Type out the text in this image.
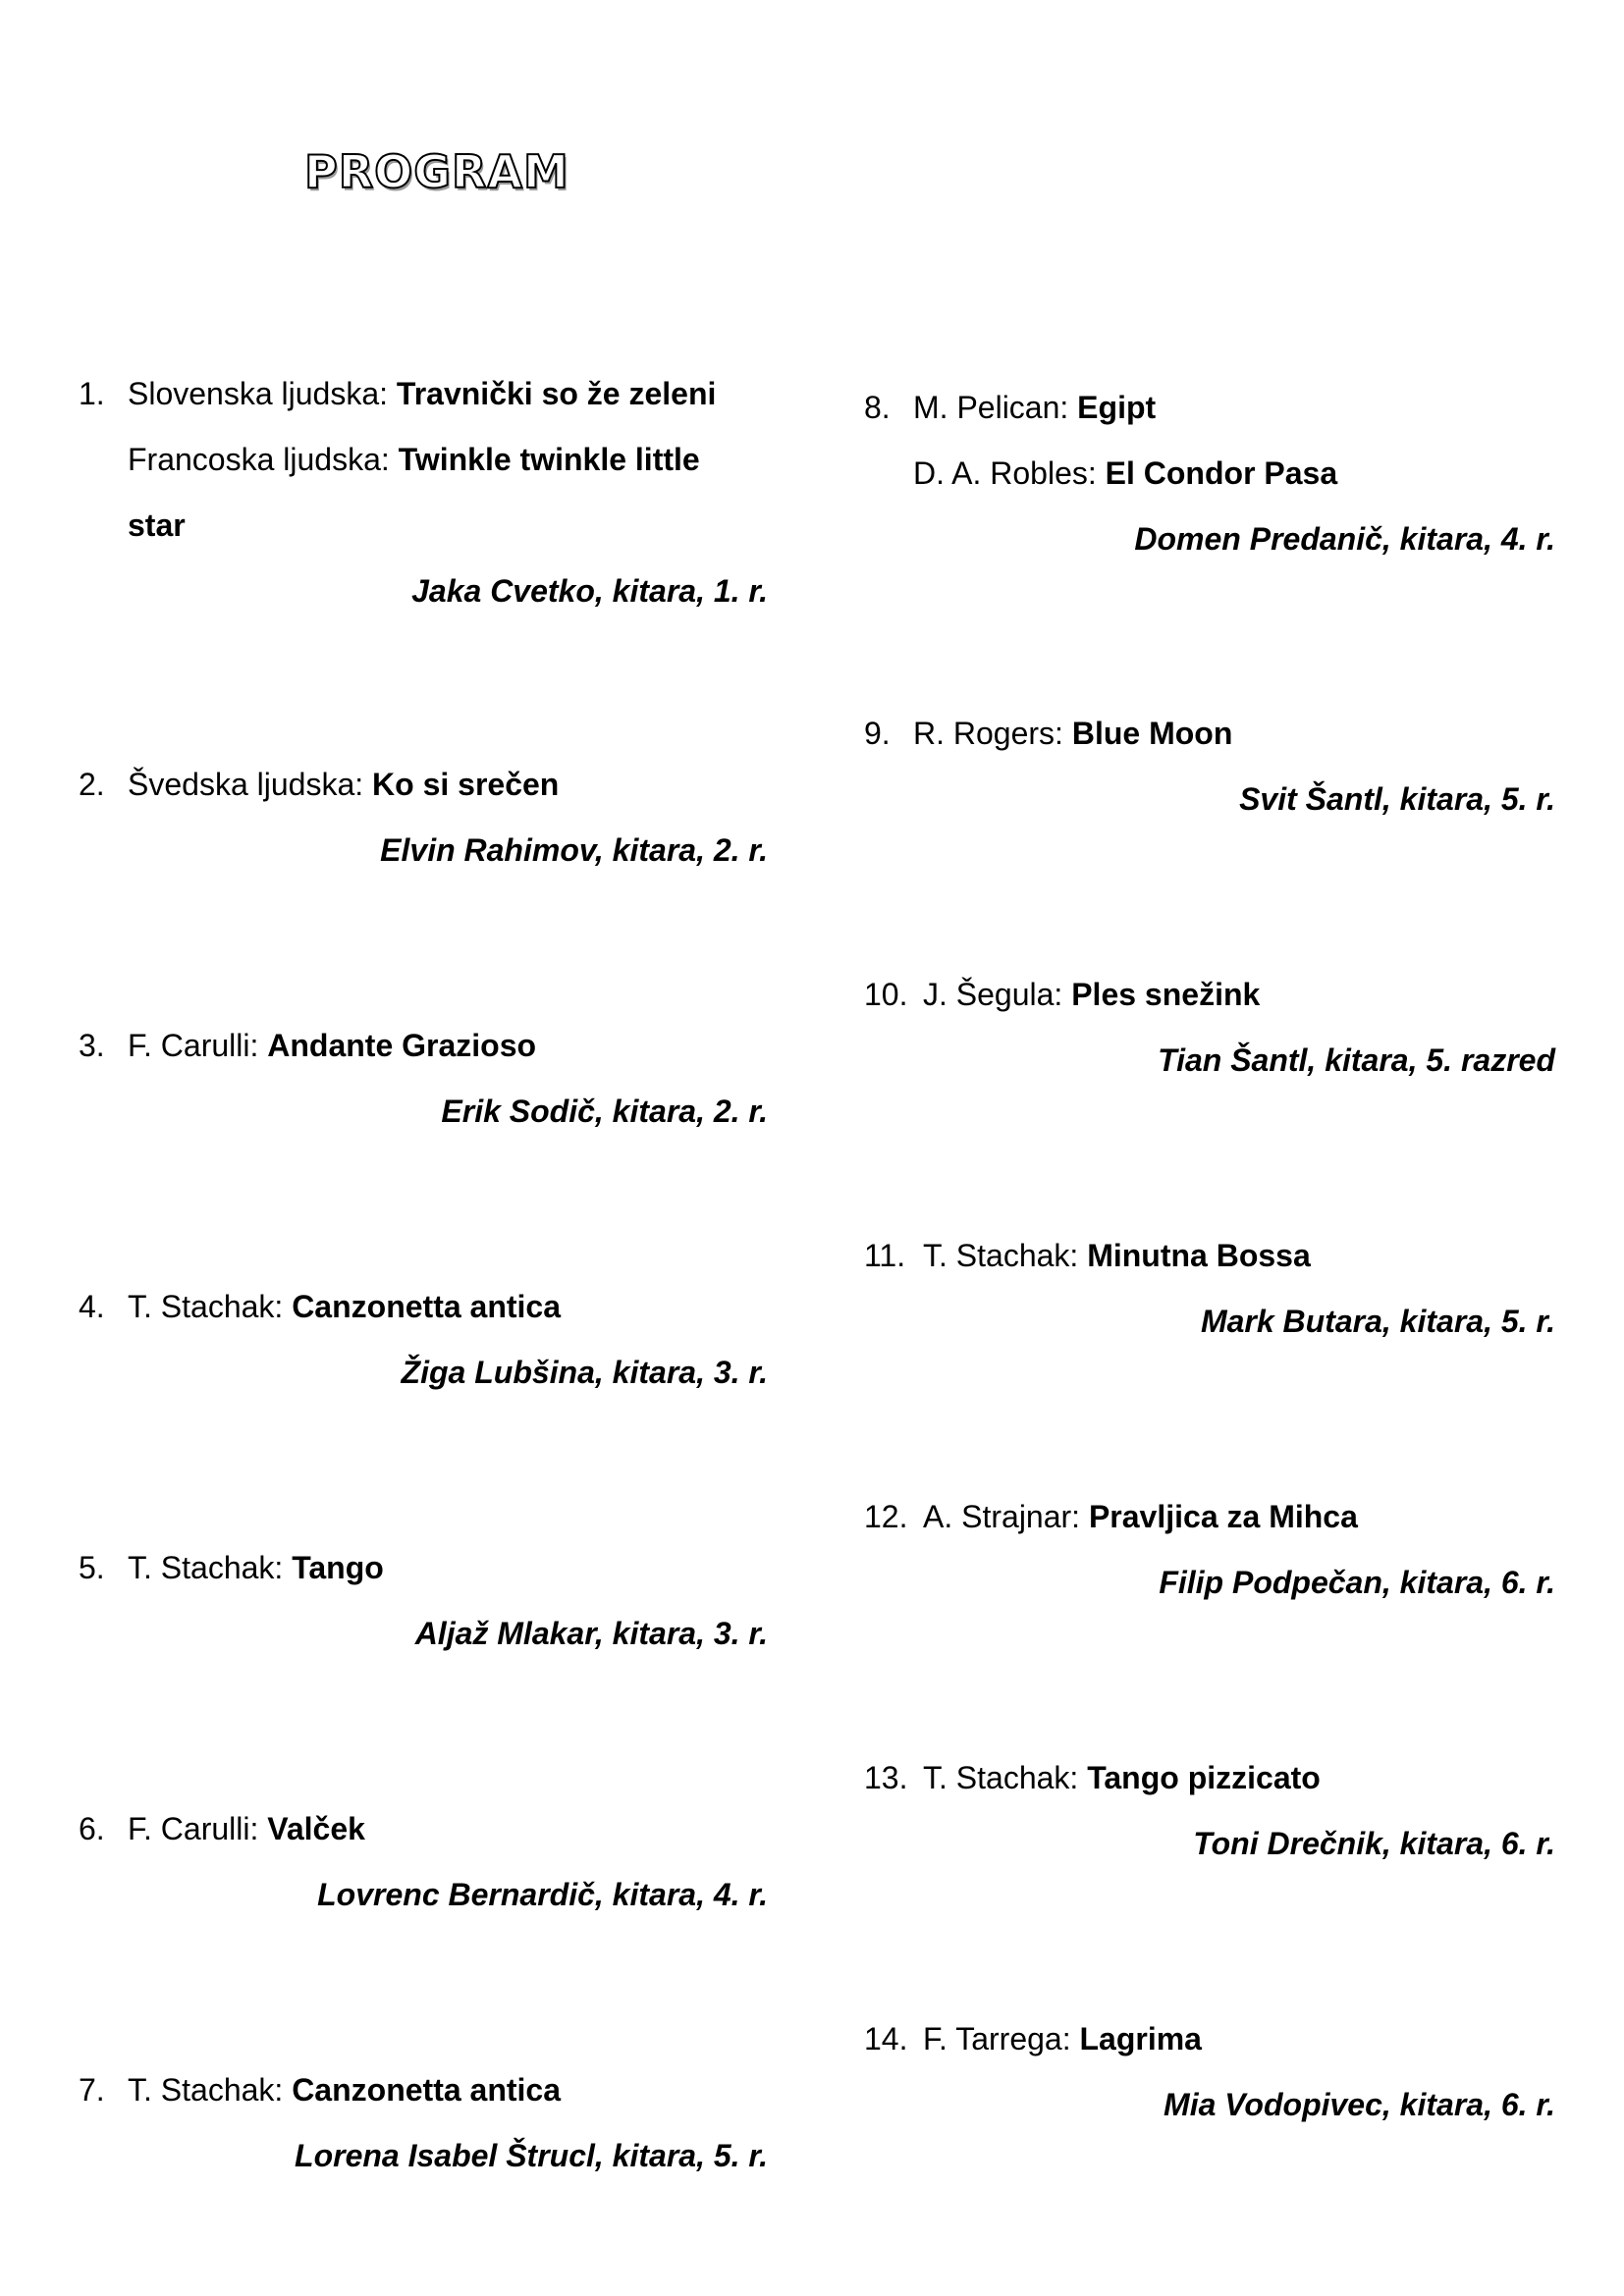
PROGRAM
1. Slovenska ljudska: Travnički so že zeleni
Francoska ljudska: Twinkle twinkle little
star
Jaka Cvetko, kitara, 1. r.
2. Švedska ljudska: Ko si srečen
Elvin Rahimov, kitara, 2. r.
3. F. Carulli: Andante Grazioso
Erik Sodič, kitara, 2. r.
4. T. Stachak: Canzonetta antica
Žiga Lubšina, kitara, 3. r.
5. T. Stachak: Tango
Aljaž Mlakar, kitara, 3. r.
6. F. Carulli: Valček
Lovrenc Bernardič, kitara, 4. r.
7. T. Stachak: Canzonetta antica
Lorena Isabel Štrucl, kitara, 5. r.
8. M. Pelican: Egipt
D. A. Robles: El Condor Pasa
Domen Predanič, kitara, 4. r.
9. R. Rogers: Blue Moon
Svit Šantl, kitara, 5. r.
10. J. Šegula: Ples snežink
Tian Šantl, kitara, 5. razred
11. T. Stachak: Minutna Bossa
Mark Butara, kitara, 5. r.
12. A. Strajnar: Pravljica za Mihca
Filip Podpečan, kitara, 6. r.
13. T. Stachak: Tango pizzicato
Toni Drečnik, kitara, 6. r.
14. F. Tarrega: Lagrima
Mia Vodopivec, kitara, 6. r.
